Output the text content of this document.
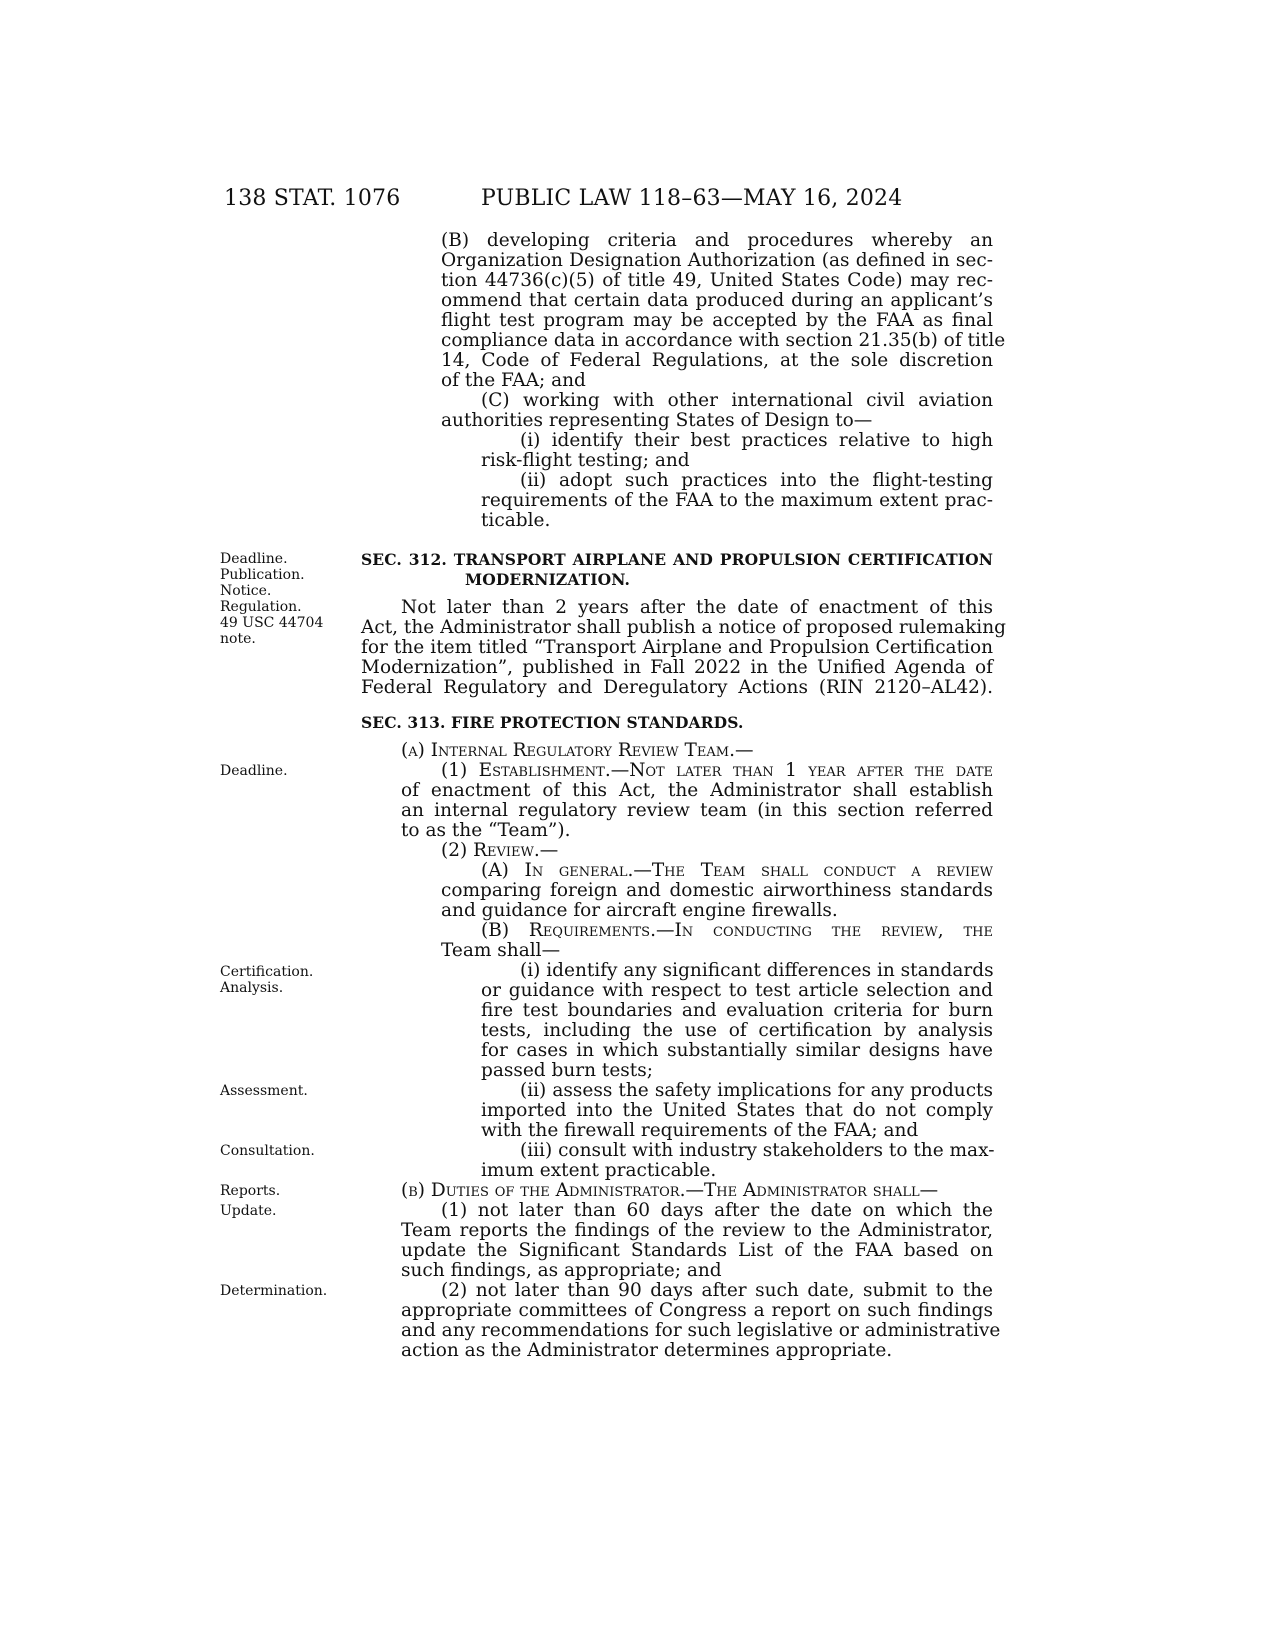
138 STAT. 1076	PUBLIC LAW 118–63—MAY 16, 2024
Deadline.
Publication.
Notice.
Regulation.
49 USC 44704
note.
Deadline.
Certification.
Analysis.
Assessment.
Consultation.
Reports.
Update.
Determination.
(B) developing criteria and procedures whereby an
Organization Designation Authorization (as defined in sec-
tion 44736(c)(5) of title 49, United States Code) may rec-
ommend that certain data produced during an applicant’s
flight test program may be accepted by the FAA as final
compliance data in accordance with section 21.35(b) of title
14, Code of Federal Regulations, at the sole discretion
of the FAA; and
(C) working with other international civil aviation
authorities representing States of Design to—
(i) identify their best practices relative to high
risk-flight testing; and
(ii) adopt such practices into the flight-testing
requirements of the FAA to the maximum extent prac-
ticable.
SEC. 312. TRANSPORT AIRPLANE AND PROPULSION CERTIFICATION
MODERNIZATION.
Not later than 2 years after the date of enactment of this
Act, the Administrator shall publish a notice of proposed rulemaking
for the item titled “Transport Airplane and Propulsion Certification
Modernization”, published in Fall 2022 in the Unified Agenda of
Federal Regulatory and Deregulatory Actions (RIN 2120–AL42).
SEC. 313. FIRE PROTECTION STANDARDS.
(a) Internal Regulatory Review Team.—
(1) Establishment.—Not later than 1 year after the date
of enactment of this Act, the Administrator shall establish
an internal regulatory review team (in this section referred
to as the “Team”).
(2) Review.—
(A) In general.—The Team shall conduct a review
comparing foreign and domestic airworthiness standards
and guidance for aircraft engine firewalls.
(B) Requirements.—In conducting the review, the
Team shall—
(i) identify any significant differences in standards
or guidance with respect to test article selection and
fire test boundaries and evaluation criteria for burn
tests, including the use of certification by analysis
for cases in which substantially similar designs have
passed burn tests;
(ii) assess the safety implications for any products
imported into the United States that do not comply
with the firewall requirements of the FAA; and
(iii) consult with industry stakeholders to the max-
imum extent practicable.
(b) Duties of the Administrator.—The Administrator shall—
(1) not later than 60 days after the date on which the
Team reports the findings of the review to the Administrator,
update the Significant Standards List of the FAA based on
such findings, as appropriate; and
(2) not later than 90 days after such date, submit to the
appropriate committees of Congress a report on such findings
and any recommendations for such legislative or administrative
action as the Administrator determines appropriate.
